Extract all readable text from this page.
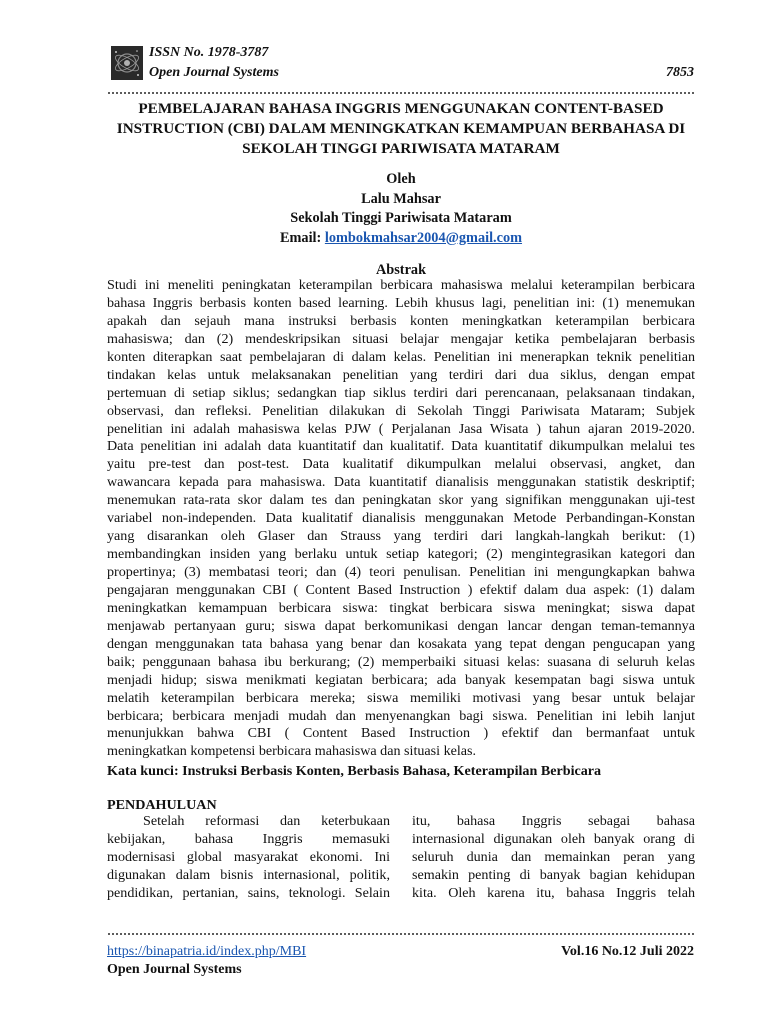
ISSN No. 1978-3787
Open Journal Systems	7853
PEMBELAJARAN BAHASA INGGRIS MENGGUNAKAN CONTENT-BASED
INSTRUCTION (CBI) DALAM MENINGKATKAN KEMAMPUAN BERBAHASA DI
SEKOLAH TINGGI PARIWISATA MATARAM
Oleh
Lalu Mahsar
Sekolah Tinggi Pariwisata Mataram
Email: lombokmahsar2004@gmail.com
Abstrak
Studi ini meneliti peningkatan keterampilan berbicara mahasiswa melalui keterampilan berbicara
bahasa Inggris berbasis konten based learning. Lebih khusus lagi, penelitian ini: (1) menemukan
apakah dan sejauh mana instruksi berbasis konten meningkatkan keterampilan berbicara
mahasiswa; dan (2) mendeskripsikan situasi belajar mengajar ketika pembelajaran berbasis
konten diterapkan saat pembelajaran di dalam kelas. Penelitian ini menerapkan teknik penelitian
tindakan kelas untuk melaksanakan penelitian yang terdiri dari dua siklus, dengan empat
pertemuan di setiap siklus; sedangkan tiap siklus terdiri dari perencanaan, pelaksanaan tindakan,
observasi, dan refleksi. Penelitian dilakukan di Sekolah Tinggi Pariwisata Mataram; Subjek
penelitian ini adalah mahasiswa kelas PJW ( Perjalanan Jasa Wisata ) tahun ajaran 2019-2020.
Data penelitian ini adalah data kuantitatif dan kualitatif. Data kuantitatif dikumpulkan melalui tes
yaitu pre-test dan post-test. Data kualitatif dikumpulkan melalui observasi, angket, dan
wawancara kepada para mahasiswa. Data kuantitatif dianalisis menggunakan statistik deskriptif;
menemukan rata-rata skor dalam tes dan peningkatan skor yang signifikan menggunakan uji-test
variabel non-independen. Data kualitatif dianalisis menggunakan Metode Perbandingan-Konstan
yang disarankan oleh Glaser dan Strauss yang terdiri dari langkah-langkah berikut: (1)
membandingkan insiden yang berlaku untuk setiap kategori; (2) mengintegrasikan kategori dan
propertinya; (3) membatasi teori; dan (4) teori penulisan. Penelitian ini mengungkapkan bahwa
pengajaran menggunakan CBI ( Content Based Instruction ) efektif dalam dua aspek: (1) dalam
meningkatkan kemampuan berbicara siswa: tingkat berbicara siswa meningkat; siswa dapat
menjawab pertanyaan guru; siswa dapat berkomunikasi dengan lancar dengan teman-temannya
dengan menggunakan tata bahasa yang benar dan kosakata yang tepat dengan pengucapan yang
baik; penggunaan bahasa ibu berkurang; (2) memperbaiki situasi kelas: suasana di seluruh kelas
menjadi hidup; siswa menikmati kegiatan berbicara; ada banyak kesempatan bagi siswa untuk
melatih keterampilan berbicara mereka; siswa memiliki motivasi yang besar untuk belajar
berbicara; berbicara menjadi mudah dan menyenangkan bagi siswa. Penelitian ini lebih lanjut
menunjukkan bahwa CBI ( Content Based Instruction ) efektif dan bermanfaat untuk
meningkatkan kompetensi berbicara mahasiswa dan situasi kelas.
Kata kunci: Instruksi Berbasis Konten, Berbasis Bahasa, Keterampilan Berbicara
PENDAHULUAN
Setelah reformasi dan keterbukaan
kebijakan, bahasa Inggris memasuki
modernisasi global masyarakat ekonomi. Ini
digunakan dalam bisnis internasional, politik,
pendidikan, pertanian, sains, teknologi. Selain
itu, bahasa Inggris sebagai bahasa
internasional digunakan oleh banyak orang di
seluruh dunia dan memainkan peran yang
semakin penting di banyak bagian kehidupan
kita. Oleh karena itu, bahasa Inggris telah
https://binapatria.id/index.php/MBI
Open Journal Systems
Vol.16 No.12 Juli 2022
